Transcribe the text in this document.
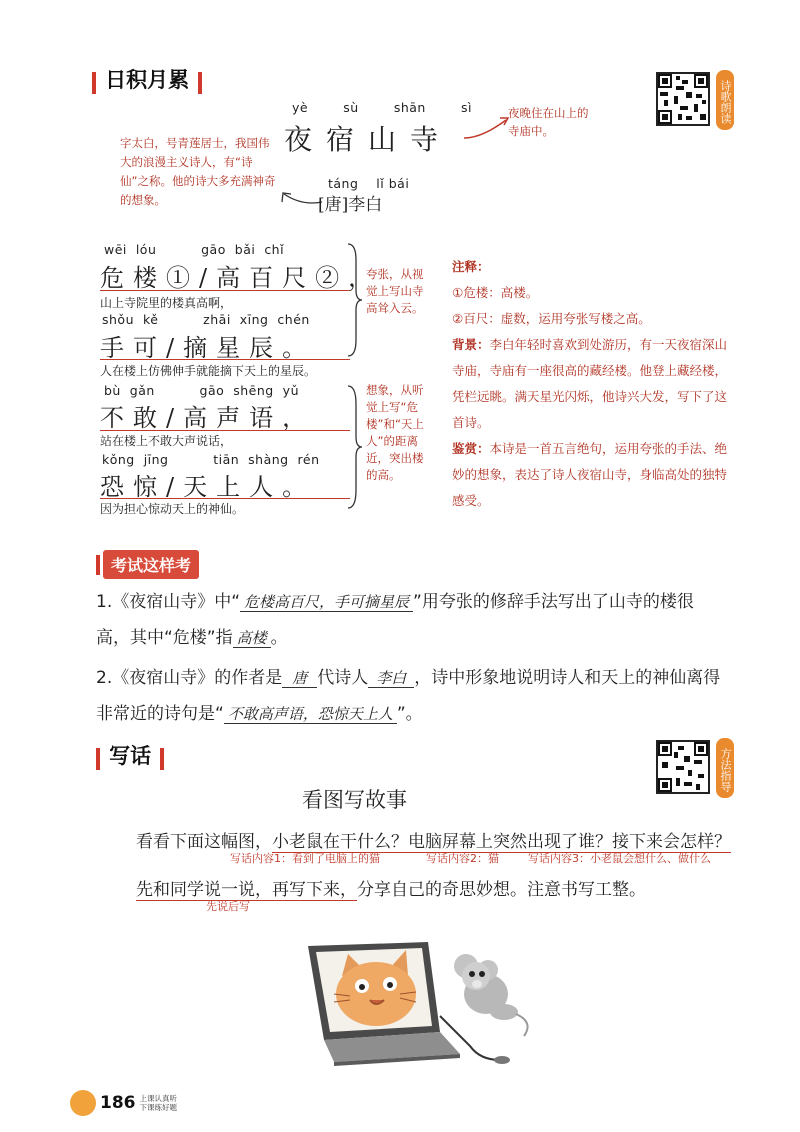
日积月累	诗歌朗读
yè	sù	shān	sì
夜宿山寺
夜晚住在山上的寺庙中。
字太白，号青莲居士，我国伟大的浪漫主义诗人，有“诗仙”之称。他的诗大多充满神奇的想象。
táng    lǐ bái
[唐]李白
wēi  lóu          gāo  bǎi  chǐ
危楼①/高百尺②，
山上寺院里的楼真高啊，
shǒu  kě          zhāi  xīng  chén
手可/摘星辰。
人在楼上仿佛伸手就能摘下天上的星辰。
bù  gǎn          gāo  shēng  yǔ
不敢/高声语，
站在楼上不敢大声说话，
kǒng  jīng          tiān  shàng  rén
恐惊/天上人。
因为担心惊动天上的神仙。
夸张，从视觉上写山寺高耸入云。
想象，从听觉上写“危楼”和“天上人”的距离近，突出楼的高。
注释：
①危楼：高楼。
②百尺：虚数，运用夸张写楼之高。
背景：李白年轻时喜欢到处游历，有一天夜宿深山寺庙，寺庙有一座很高的藏经楼。他登上藏经楼，凭栏远眺。满天星光闪烁，他诗兴大发，写下了这首诗。
鉴赏：本诗是一首五言绝句，运用夸张的手法、绝妙的想象，表达了诗人夜宿山寺，身临高处的独特感受。
考试这样考
1.《夜宿山寺》中“ 危楼高百尺，手可摘星辰 ”用夸张的修辞手法写出了山寺的楼很
高，其中“危楼”指 高楼 。
2.《夜宿山寺》的作者是 唐 代诗人 李白 ，诗中形象地说明诗人和天上的神仙离得
非常近的诗句是“ 不敢高声语，恐惊天上人 ”。
写话	方法指导
看图写故事
看看下面这幅图，小老鼠在干什么？电脑屏幕上突然出现了谁？接下来会怎样？
写话内容1：看到了电脑上的猫	写话内容2：猫	写话内容3：小老鼠会想什么、做什么
先和同学说一说，再写下来，分享自己的奇思妙想。注意书写工整。
先说后写
186 上课认真听
下课练好题
